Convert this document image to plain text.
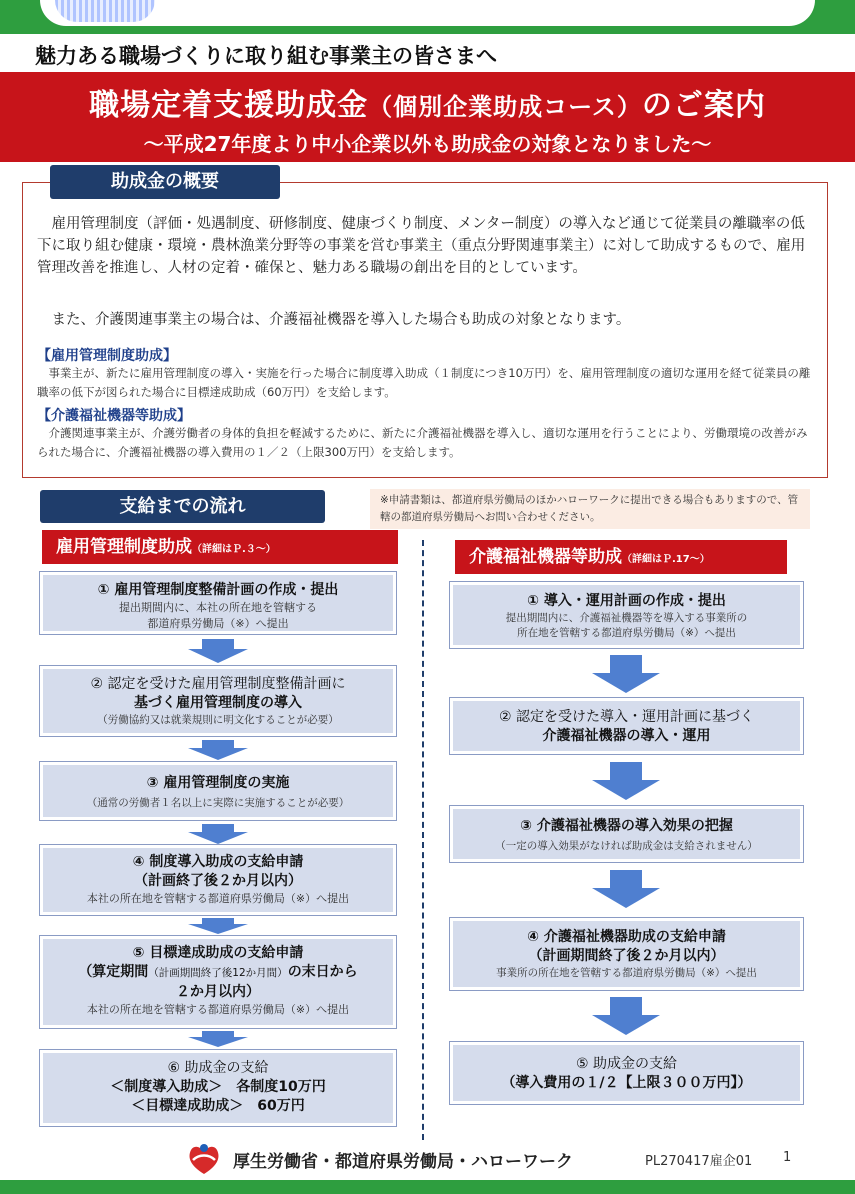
魅力ある職場づくりに取り組む事業主の皆さまへ
職場定着支援助成金（個別企業助成コース）のご案内
～平成27年度より中小企業以外も助成金の対象となりました～
　雇用管理制度（評価・処遇制度、研修制度、健康づくり制度、メンター制度）の導入など通じて従業員の離職率の低下に取り組む健康・環境・農林漁業分野等の事業を営む事業主（重点分野関連事業主）に対して助成するもので、雇用管理改善を推進し、人材の定着・確保と、魅力ある職場の創出を目的としています。
　また、介護関連事業主の場合は、介護福祉機器を導入した場合も助成の対象となります。
【雇用管理制度助成】
　事業主が、新たに雇用管理制度の導入・実施を行った場合に制度導入助成（１制度につき10万円）を、雇用管理制度の適切な運用を経て従業員の離職率の低下が図られた場合に目標達成助成（60万円）を支給します。
【介護福祉機器等助成】
　介護関連事業主が、介護労働者の身体的負担を軽減するために、新たに介護福祉機器を導入し、適切な運用を行うことにより、労働環境の改善がみられた場合に、介護福祉機器の導入費用の１／２（上限300万円）を支給します。
助成金の概要
支給までの流れ	※申請書類は、都道府県労働局のほかハローワークに提出できる場合もありますので、管轄の都道府県労働局へお問い合わせください。
雇用管理制度助成（詳細はＰ.３～）	介護福祉機器等助成（詳細はＰ.17～）
① 雇用管理制度整備計画の作成・提出
提出期間内に、本社の所在地を管轄する
都道府県労働局（※）へ提出
② 認定を受けた雇用管理制度整備計画に
基づく雇用管理制度の導入
（労働協約又は就業規則に明文化することが必要）
③ 雇用管理制度の実施
（通常の労働者１名以上に実際に実施することが必要）
④ 制度導入助成の支給申請
（計画終了後２か月以内）
本社の所在地を管轄する都道府県労働局（※）へ提出
⑤ 目標達成助成の支給申請
（算定期間（計画期間終了後12か月間）の末日から
２か月以内）
本社の所在地を管轄する都道府県労働局（※）へ提出
⑥ 助成金の支給
＜制度導入助成＞　各制度10万円
＜目標達成助成＞　60万円
① 導入・運用計画の作成・提出
提出期間内に、介護福祉機器等を導入する事業所の
所在地を管轄する都道府県労働局（※）へ提出
② 認定を受けた導入・運用計画に基づく
介護福祉機器の導入・運用
③ 介護福祉機器の導入効果の把握
（一定の導入効果がなければ助成金は支給されません）
④ 介護福祉機器助成の支給申請
（計画期間終了後２か月以内）
事業所の所在地を管轄する都道府県労働局（※）へ提出
⑤ 助成金の支給
（導入費用の１/２【上限３００万円】）
厚生労働省・都道府県労働局・ハローワーク	PL270417雇企01 1
